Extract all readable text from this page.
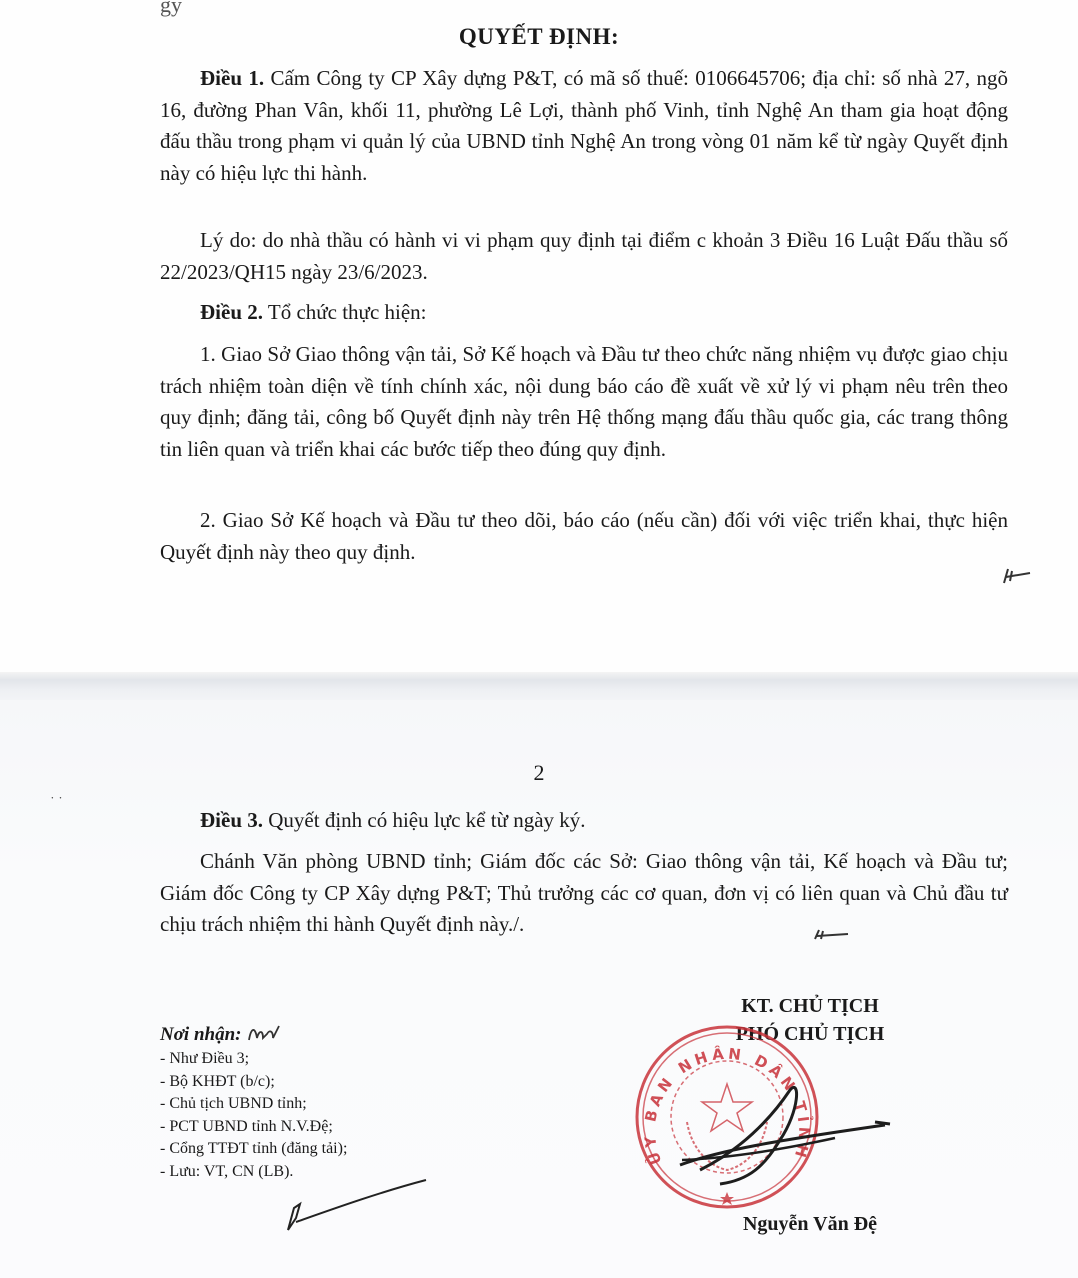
gy
QUYẾT ĐỊNH:
Điều 1. Cấm Công ty CP Xây dựng P&T, có mã số thuế: 0106645706; địa chỉ: số nhà 27, ngõ 16, đường Phan Vân, khối 11, phường Lê Lợi, thành phố Vinh, tỉnh Nghệ An tham gia hoạt động đấu thầu trong phạm vi quản lý của UBND tỉnh Nghệ An trong vòng 01 năm kể từ ngày Quyết định này có hiệu lực thi hành.
Lý do: do nhà thầu có hành vi vi phạm quy định tại điểm c khoản 3 Điều 16 Luật Đấu thầu số 22/2023/QH15 ngày 23/6/2023.
Điều 2. Tổ chức thực hiện:
1. Giao Sở Giao thông vận tải, Sở Kế hoạch và Đầu tư theo chức năng nhiệm vụ được giao chịu trách nhiệm toàn diện về tính chính xác, nội dung báo cáo đề xuất về xử lý vi phạm nêu trên theo quy định; đăng tải, công bố Quyết định này trên Hệ thống mạng đấu thầu quốc gia, các trang thông tin liên quan và triển khai các bước tiếp theo đúng quy định.
2. Giao Sở Kế hoạch và Đầu tư theo dõi, báo cáo (nếu cần) đối với việc triển khai, thực hiện Quyết định này theo quy định.
2
˙ ˙
Điều 3. Quyết định có hiệu lực kể từ ngày ký.
Chánh Văn phòng UBND tỉnh; Giám đốc các Sở: Giao thông vận tải, Kế hoạch và Đầu tư; Giám đốc Công ty CP Xây dựng P&T; Thủ trưởng các cơ quan, đơn vị có liên quan và Chủ đầu tư chịu trách nhiệm thi hành Quyết định này./.
Nơi nhận:
- Như Điều 3;
- Bộ KHĐT (b/c);
- Chủ tịch UBND tỉnh;
- PCT UBND tỉnh N.V.Đệ;
- Cổng TTĐT tỉnh (đăng tải);
- Lưu: VT, CN (LB).
KT. CHỦ TỊCH
PHÓ CHỦ TỊCH
ỦY BAN NHÂN DÂN TỈNH
Nguyễn Văn Đệ
